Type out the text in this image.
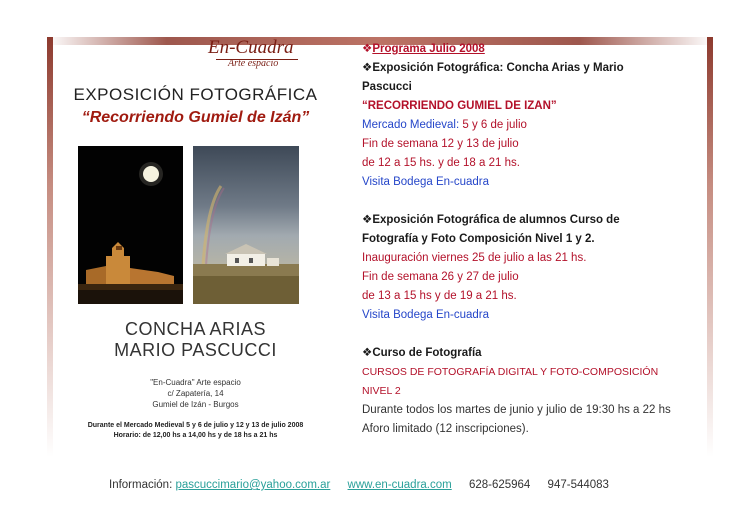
En-Cuadra
Arte espacio
EXPOSICIÓN FOTOGRÁFICA
“Recorriendo Gumiel de Izán”
CONCHA ARIAS
MARIO PASCUCCI
"En-Cuadra" Arte espacio
c/ Zapatería, 14
Gumiel de Izán - Burgos
Durante el Mercado Medieval 5 y 6 de julio y 12 y 13 de julio 2008
Horario: de 12,00 hs a 14,00 hs y de 18 hs a 21 hs
❖Programa Julio 2008
❖Exposición Fotográfica: Concha Arias y Mario
Pascucci
“RECORRIENDO GUMIEL DE IZAN”
Mercado Medieval: 5 y 6 de julio
Fin de semana 12 y 13 de julio
de 12 a 15 hs. y de 18 a 21 hs.
Visita Bodega En-cuadra
❖Exposición Fotográfica de alumnos Curso de
Fotografía y Foto Composición Nivel 1 y 2.
Inauguración viernes 25 de julio a las 21 hs.
Fin de semana 26 y 27 de julio
de 13 a 15 hs y de 19 a 21 hs.
Visita Bodega En-cuadra
❖Curso de Fotografía
CURSOS DE FOTOGRAFÍA DIGITAL Y FOTO-COMPOSICIÓN
NIVEL 2
Durante todos los martes de junio y julio de 19:30 hs a 22 hs
Aforo limitado (12 inscripciones).
Información: pascuccimario@yahoo.com.ar www.en-cuadra.com 628-625964 947-544083
